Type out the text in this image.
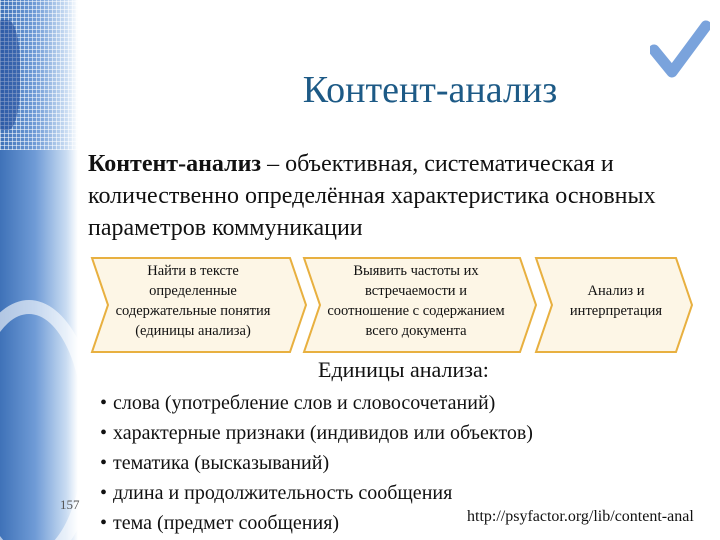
Контент-анализ
Контент-анализ – объективная, систематическая и количественно определённая характеристика основных параметров коммуникации
Найти в тексте
определенные
содержательные понятия
(единицы анализа)
Выявить частоты их
встречаемости и
соотношение с содержанием
всего документа
Анализ и
интерпретация
Единицы анализа:
• слова (употребление слов и словосочетаний)
• характерные признаки (индивидов или объектов)
• тематика (высказываний)
• длина и продолжительность сообщения
• тема (предмет сообщения)
157
http://psyfactor.org/lib/content-anal
